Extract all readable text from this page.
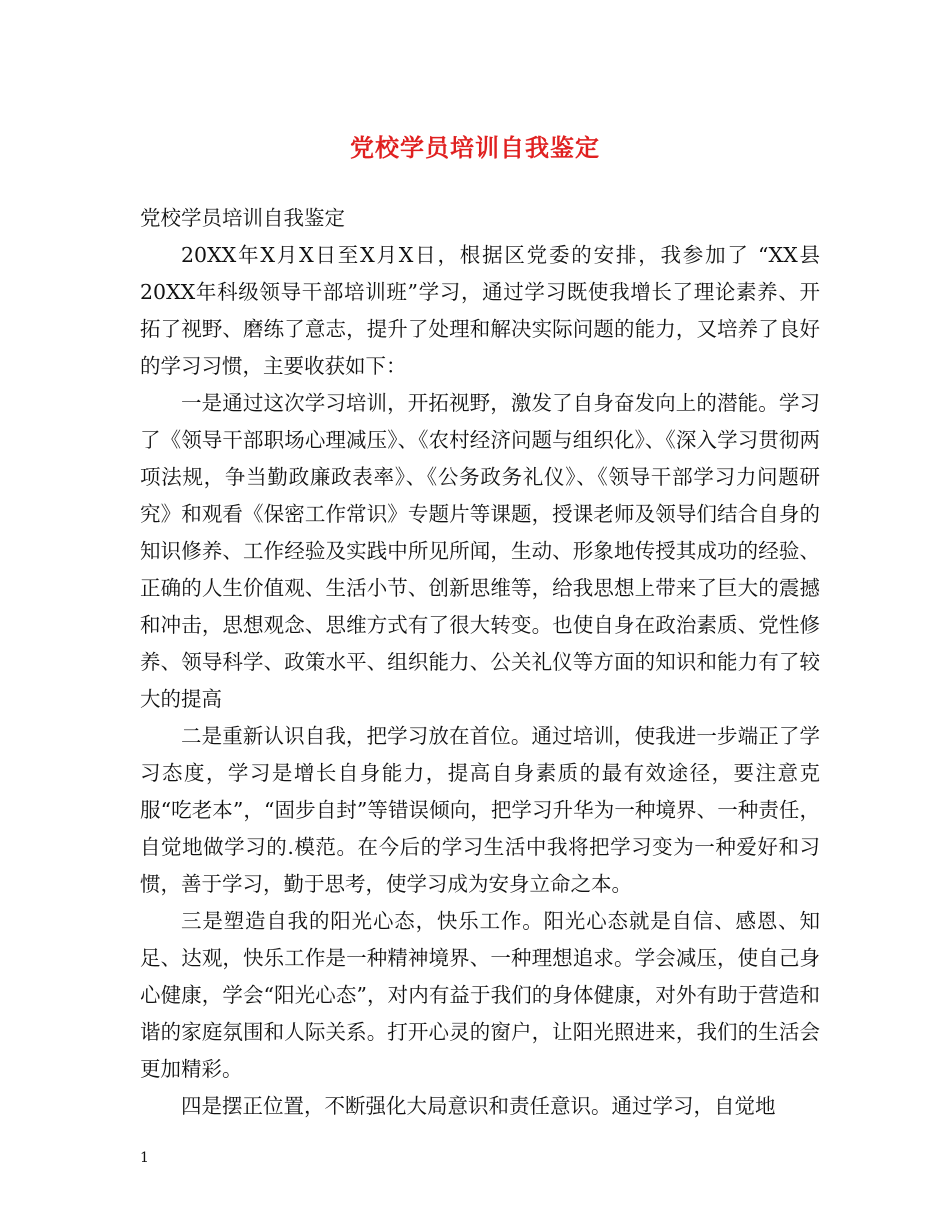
党校学员培训自我鉴定

党校学员培训自我鉴定

20XX年X月X日至X月X日，根据区党委的安排，我参加了 “XX县20XX年科级领导干部培训班”学习，通过学习既使我增长了理论素养、开拓了视野、磨练了意志，提升了处理和解决实际问题的能力，又培养了良好的学习习惯，主要收获如下：

一是通过这次学习培训，开拓视野，激发了自身奋发向上的潜能。学习了《领导干部职场心理减压》、《农村经济问题与组织化》、《深入学习贯彻两项法规，争当勤政廉政表率》、《公务政务礼仪》、《领导干部学习力问题研究》和观看《保密工作常识》专题片等课题，授课老师及领导们结合自身的知识修养、工作经验及实践中所见所闻，生动、形象地传授其成功的经验、正确的人生价值观、生活小节、创新思维等，给我思想上带来了巨大的震撼和冲击，思想观念、思维方式有了很大转变。也使自身在政治素质、党性修养、领导科学、政策水平、组织能力、公关礼仪等方面的知识和能力有了较大的提高

二是重新认识自我，把学习放在首位。通过培训，使我进一步端正了学习态度，学习是增长自身能力，提高自身素质的最有效途径，要注意克服“吃老本”，“固步自封”等错误倾向，把学习升华为一种境界、一种责任，自觉地做学习的.模范。在今后的学习生活中我将把学习变为一种爱好和习惯，善于学习，勤于思考，使学习成为安身立命之本。

三是塑造自我的阳光心态，快乐工作。阳光心态就是自信、感恩、知足、达观，快乐工作是一种精神境界、一种理想追求。学会减压，使自己身心健康，学会“阳光心态”，对内有益于我们的身体健康，对外有助于营造和谐的家庭氛围和人际关系。打开心灵的窗户，让阳光照进来，我们的生活会更加精彩。

四是摆正位置，不断强化大局意识和责任意识。通过学习，自觉地

1
